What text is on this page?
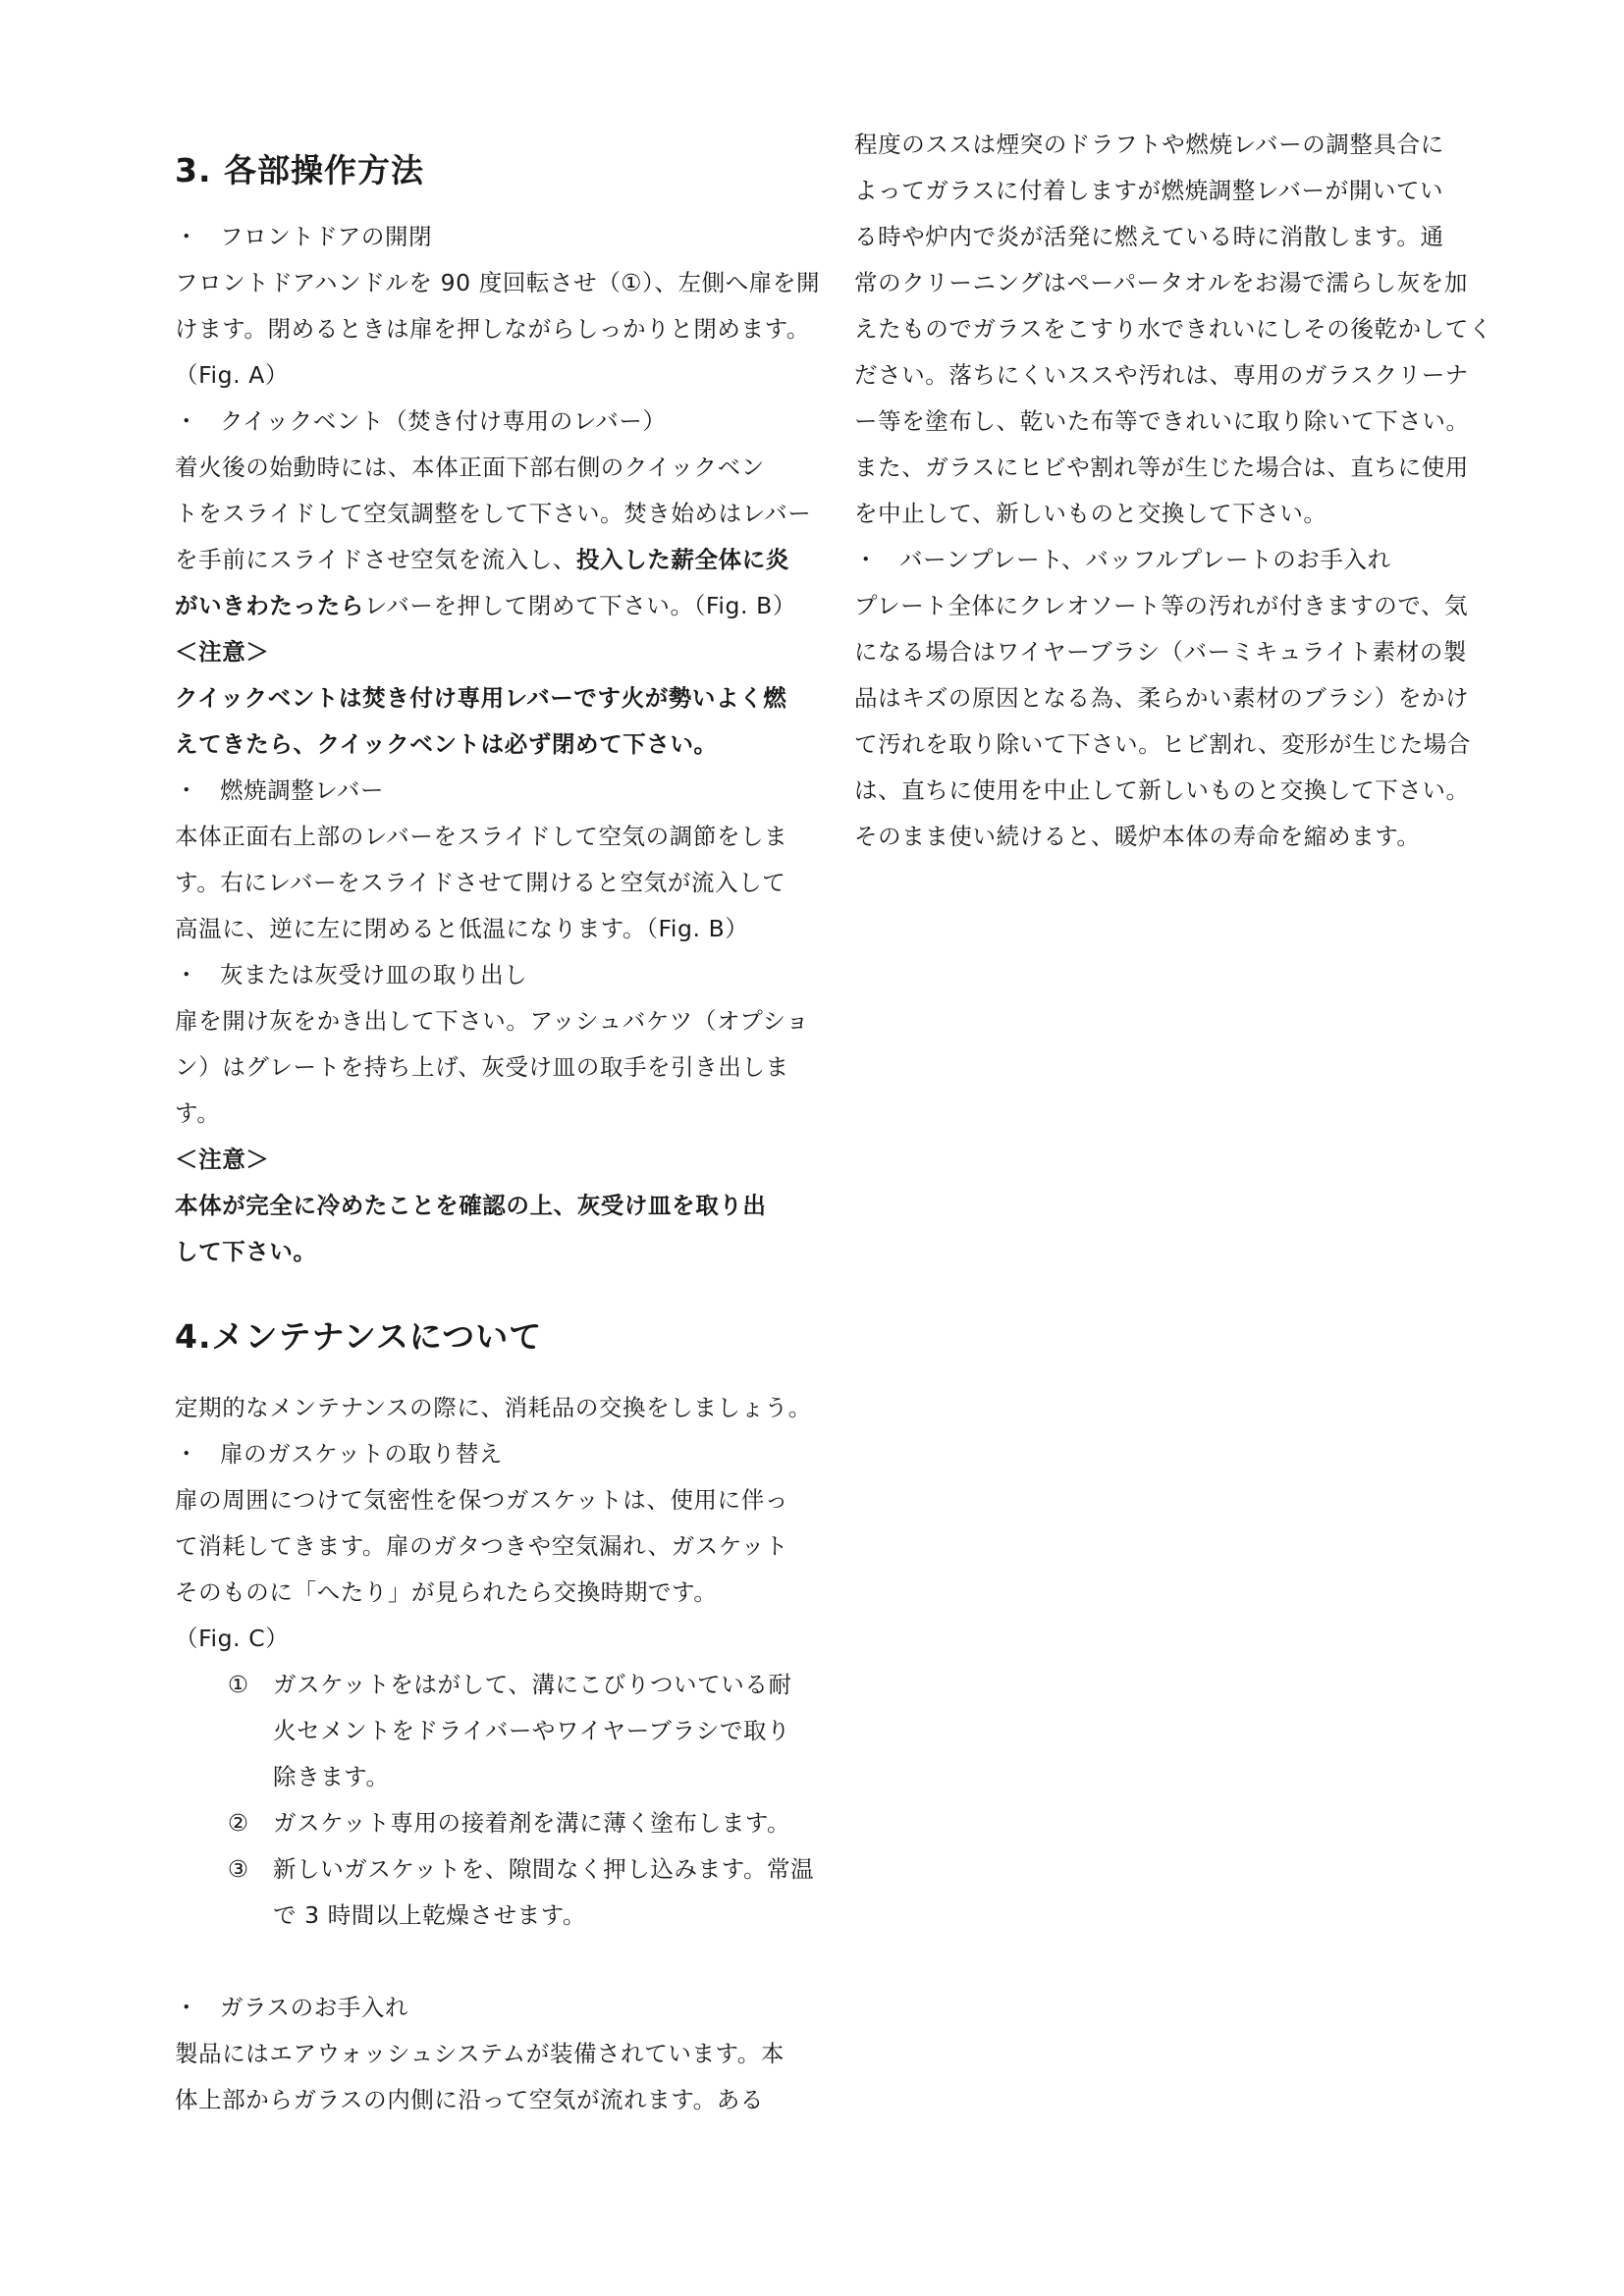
3. 各部操作方法
・ フロントドアの開閉
フロントドアハンドルを 90 度回転させ（①）、左側へ扉を開
けます。閉めるときは扉を押しながらしっかりと閉めます。
（Fig. A）
・ クイックベント（焚き付け専用のレバー）
着火後の始動時には、本体正面下部右側のクイックベン
トをスライドして空気調整をして下さい。焚き始めはレバー
を手前にスライドさせ空気を流入し、投入した薪全体に炎
がいきわたったらレバーを押して閉めて下さい。（Fig. B）
＜注意＞
クイックベントは焚き付け専用レバーです火が勢いよく燃
えてきたら、クイックベントは必ず閉めて下さい。
・ 燃焼調整レバー
本体正面右上部のレバーをスライドして空気の調節をしま
す。右にレバーをスライドさせて開けると空気が流入して
高温に、逆に左に閉めると低温になります。（Fig. B）
・ 灰または灰受け皿の取り出し
扉を開け灰をかき出して下さい。アッシュバケツ（オプショ
ン）はグレートを持ち上げ、灰受け皿の取手を引き出しま
す。
＜注意＞
本体が完全に冷めたことを確認の上、灰受け皿を取り出
して下さい。
4.メンテナンスについて
定期的なメンテナンスの際に、消耗品の交換をしましょう。
・ 扉のガスケットの取り替え
扉の周囲につけて気密性を保つガスケットは、使用に伴っ
て消耗してきます。扉のガタつきや空気漏れ、ガスケット
そのものに「へたり」が見られたら交換時期です。
（Fig. C）
① ガスケットをはがして、溝にこびりついている耐
火セメントをドライバーやワイヤーブラシで取り
除きます。
② ガスケット専用の接着剤を溝に薄く塗布します。
③ 新しいガスケットを、隙間なく押し込みます。常温
で 3 時間以上乾燥させます。
・ ガラスのお手入れ
製品にはエアウォッシュシステムが装備されています。本
体上部からガラスの内側に沿って空気が流れます。ある
程度のススは煙突のドラフトや燃焼レバーの調整具合に
よってガラスに付着しますが燃焼調整レバーが開いてい
る時や炉内で炎が活発に燃えている時に消散します。通
常のクリーニングはペーパータオルをお湯で濡らし灰を加
えたものでガラスをこすり水できれいにしその後乾かしてく
ださい。落ちにくいススや汚れは、専用のガラスクリーナ
ー等を塗布し、乾いた布等できれいに取り除いて下さい。
また、ガラスにヒビや割れ等が生じた場合は、直ちに使用
を中止して、新しいものと交換して下さい。
・ バーンプレート、バッフルプレートのお手入れ
プレート全体にクレオソート等の汚れが付きますので、気
になる場合はワイヤーブラシ（バーミキュライト素材の製
品はキズの原因となる為、柔らかい素材のブラシ）をかけ
て汚れを取り除いて下さい。ヒビ割れ、変形が生じた場合
は、直ちに使用を中止して新しいものと交換して下さい。
そのまま使い続けると、暖炉本体の寿命を縮めます。
